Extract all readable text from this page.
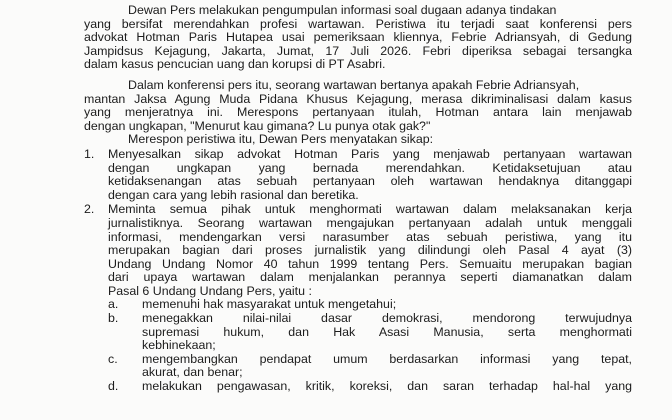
Dewan Pers melakukan pengumpulan informasi soal dugaan adanya tindakan
yang bersifat merendahkan profesi wartawan. Peristiwa itu terjadi saat konferensi pers
advokat Hotman Paris Hutapea usai pemeriksaan kliennya, Febrie Adriansyah, di Gedung
Jampidsus Kejagung, Jakarta, Jumat, 17 Juli 2026. Febri diperiksa sebagai tersangka
dalam kasus pencucian uang dan korupsi di PT Asabri.
Dalam konferensi pers itu, seorang wartawan bertanya apakah Febrie Adriansyah,
mantan Jaksa Agung Muda Pidana Khusus Kejagung, merasa dikriminalisasi dalam kasus
yang menjeratnya ini. Merespons pertanyaan itulah, Hotman antara lain menjawab
dengan ungkapan, "Menurut kau gimana? Lu punya otak gak?"
Merespon peristiwa itu, Dewan Pers menyatakan sikap:
1. Menyesalkan sikap advokat Hotman Paris yang menjawab pertanyaan wartawan
dengan ungkapan yang bernada merendahkan. Ketidaksetujuan atau
ketidaksenangan atas sebuah pertanyaan oleh wartawan hendaknya ditanggapi
dengan cara yang lebih rasional dan beretika.
2. Meminta semua pihak untuk menghormati wartawan dalam melaksanakan kerja
jurnalistiknya. Seorang wartawan mengajukan pertanyaan adalah untuk menggali
informasi, mendengarkan versi narasumber atas sebuah peristiwa, yang itu
merupakan bagian dari proses jurnalistik yang dilindungi oleh Pasal 4 ayat (3)
Undang Undang Nomor 40 tahun 1999 tentang Pers. Semuaitu merupakan bagian
dari upaya wartawan dalam menjalankan perannya seperti diamanatkan dalam
Pasal 6 Undang Undang Pers, yaitu :
a. memenuhi hak masyarakat untuk mengetahui;
b. menegakkan nilai-nilai dasar demokrasi, mendorong terwujudnya
supremasi hukum, dan Hak Asasi Manusia, serta menghormati
kebhinekaan;
c. mengembangkan pendapat umum berdasarkan informasi yang tepat,
akurat, dan benar;
d. melakukan pengawasan, kritik, koreksi, dan saran terhadap hal-hal yang
